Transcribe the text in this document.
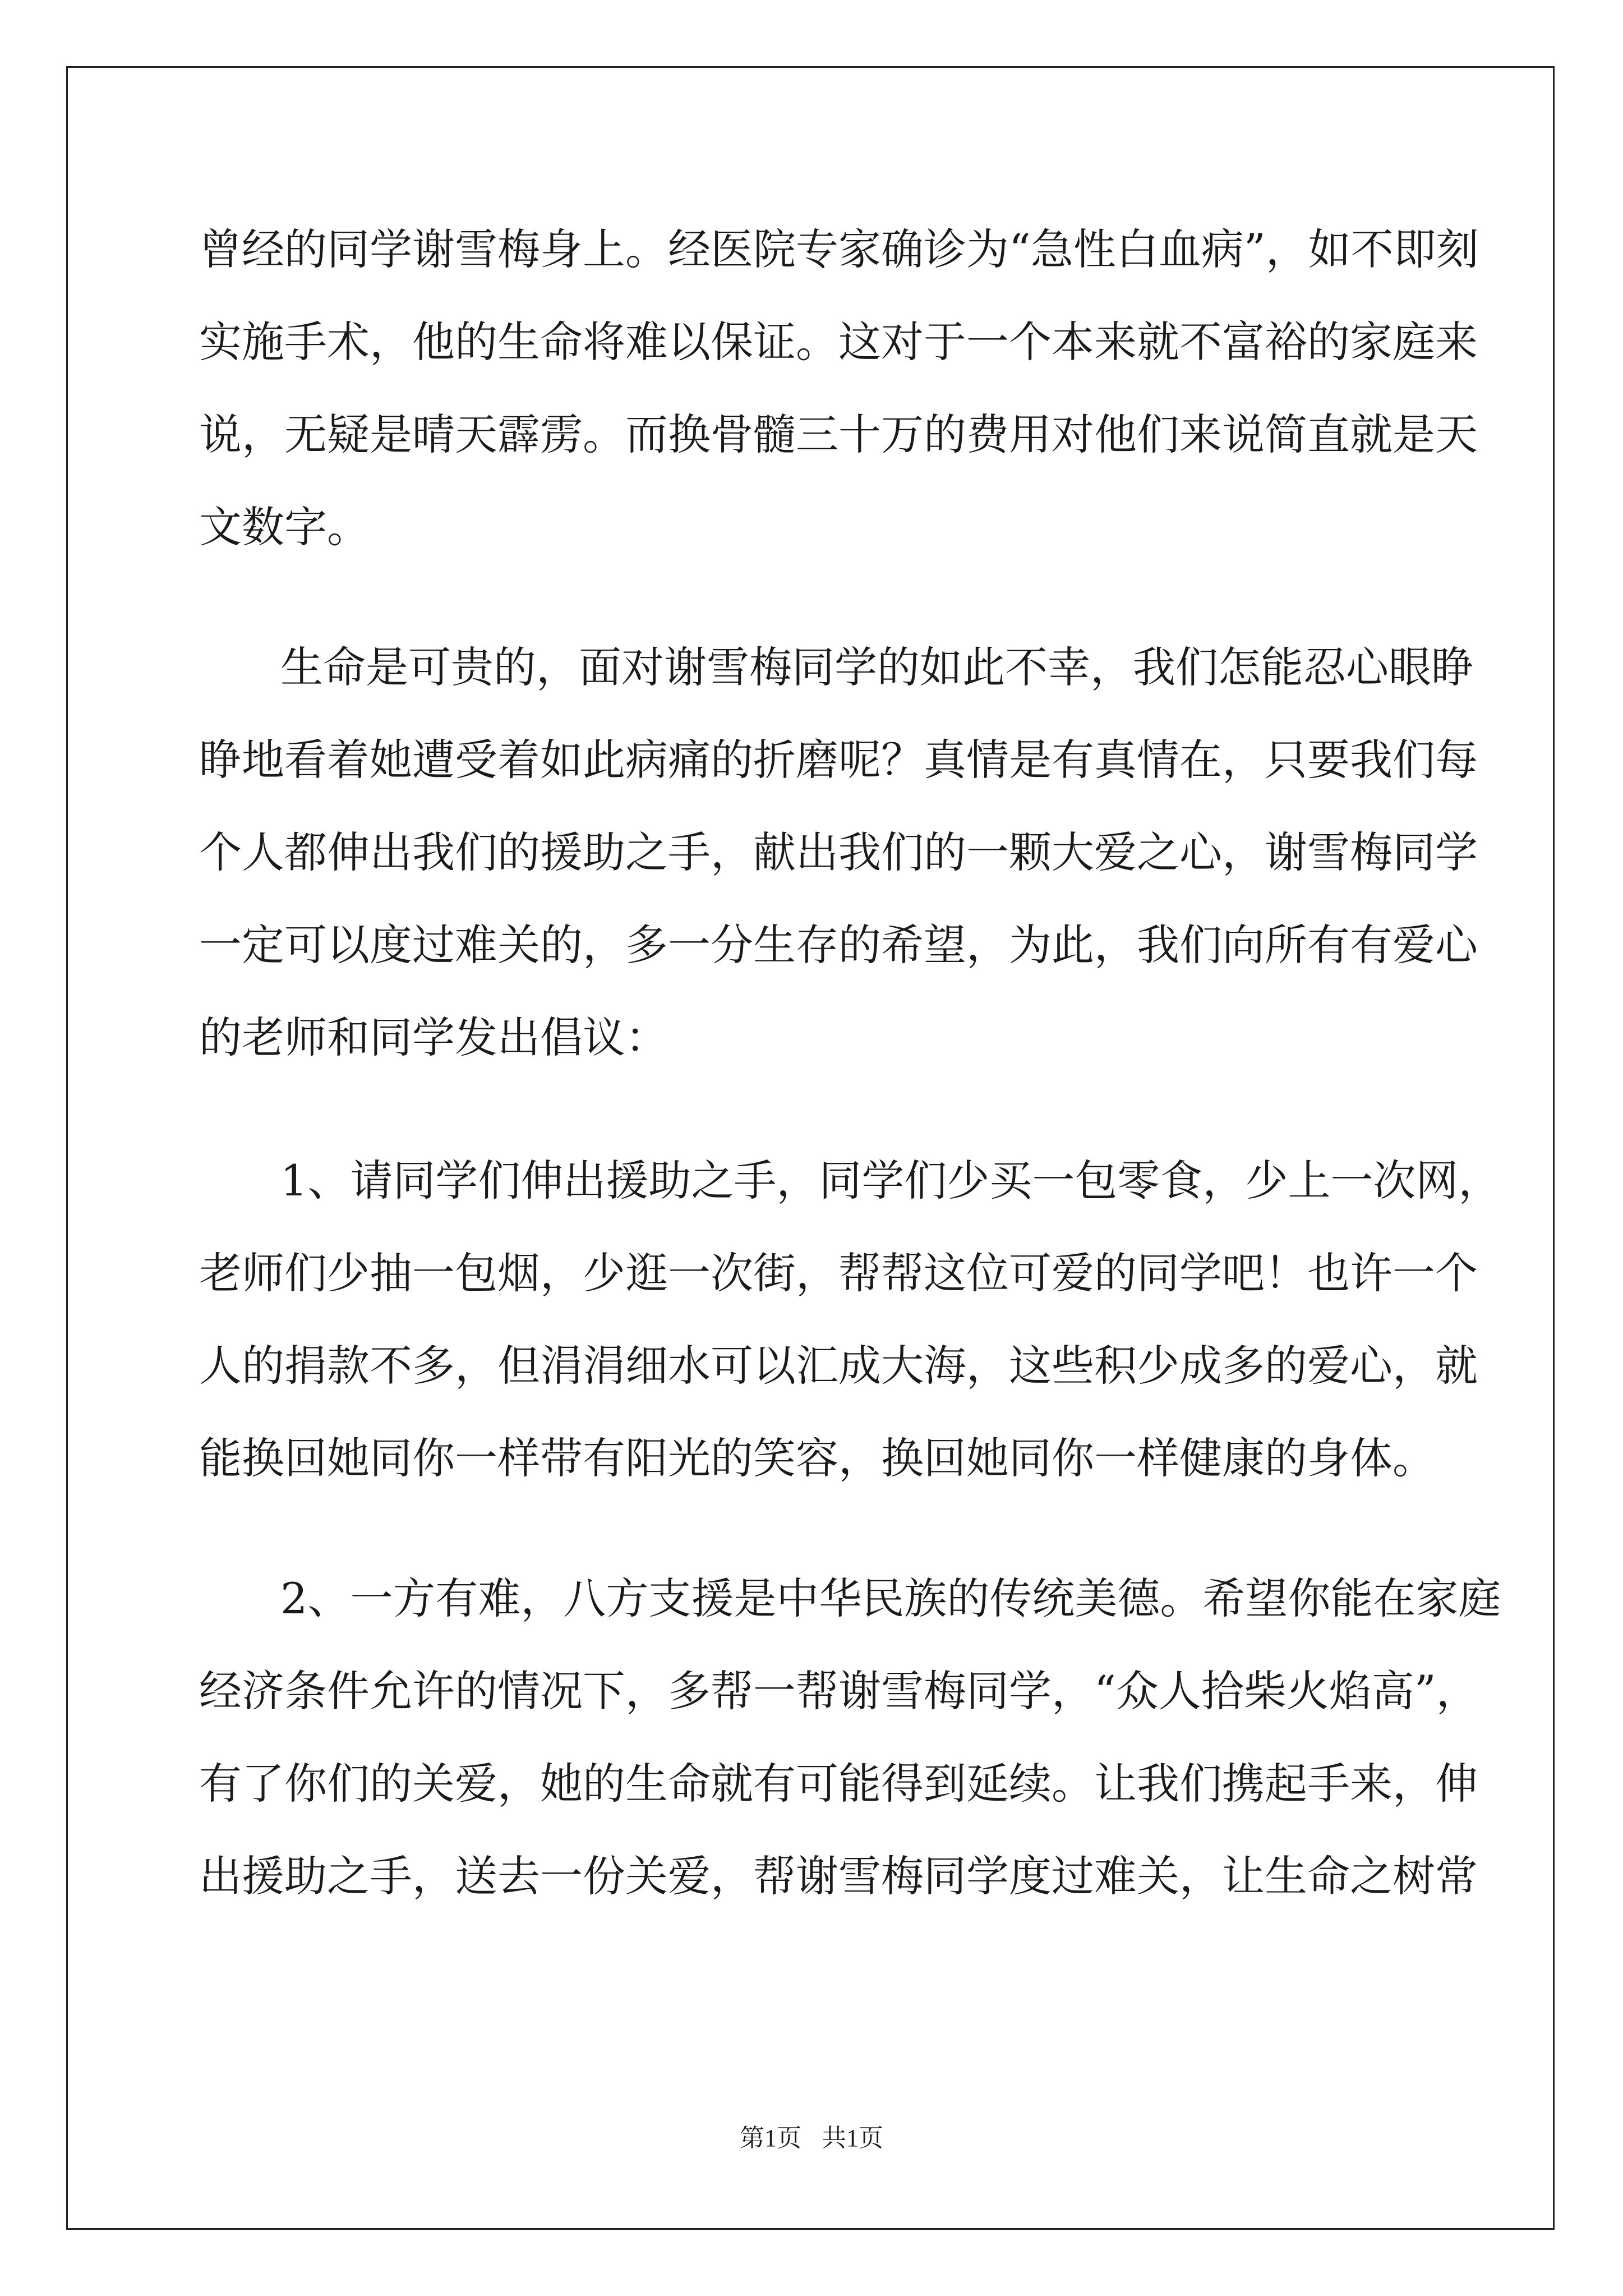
曾经的同学谢雪梅身上。经医院专家确诊为“急性白血病”，如不即刻
实施手术，他的生命将难以保证。这对于一个本来就不富裕的家庭来
说，无疑是晴天霹雳。而换骨髓三十万的费用对他们来说简直就是天
文数字。
生命是可贵的，面对谢雪梅同学的如此不幸，我们怎能忍心眼睁
睁地看着她遭受着如此病痛的折磨呢？真情是有真情在，只要我们每
个人都伸出我们的援助之手，献出我们的一颗大爱之心，谢雪梅同学
一定可以度过难关的，多一分生存的希望，为此，我们向所有有爱心
的老师和同学发出倡议：
1、请同学们伸出援助之手，同学们少买一包零食，少上一次网，
老师们少抽一包烟，少逛一次街，帮帮这位可爱的同学吧！也许一个
人的捐款不多，但涓涓细水可以汇成大海，这些积少成多的爱心，就
能换回她同你一样带有阳光的笑容，换回她同你一样健康的身体。
2、一方有难，八方支援是中华民族的传统美德。希望你能在家庭
经济条件允许的情况下，多帮一帮谢雪梅同学，“众人拾柴火焰高”，
有了你们的关爱，她的生命就有可能得到延续。让我们携起手来，伸
出援助之手，送去一份关爱，帮谢雪梅同学度过难关，让生命之树常
第1页 共1页
